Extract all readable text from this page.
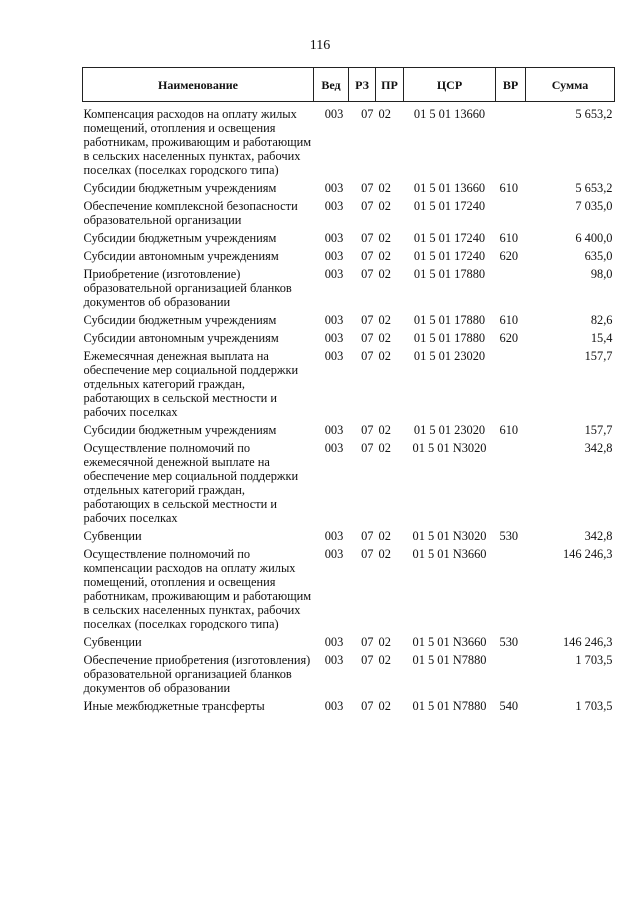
116
Наименование	Вед	РЗ	ПР	ЦСР	ВР	Сумма
Компенсация расходов на оплату жилых помещений, отопления и освещения работникам, проживающим и работающим в сельских населенных пунктах, рабочих поселках (поселках городского типа)	003	07	02	01 5 01 13660		5 653,2
Субсидии бюджетным учреждениям	003	07	02	01 5 01 13660	610	5 653,2
Обеспечение комплексной безопасности образовательной организации	003	07	02	01 5 01 17240		7 035,0
Субсидии бюджетным учреждениям	003	07	02	01 5 01 17240	610	6 400,0
Субсидии автономным учреждениям	003	07	02	01 5 01 17240	620	635,0
Приобретение (изготовление) образовательной организацией бланков документов об образовании	003	07	02	01 5 01 17880		98,0
Субсидии бюджетным учреждениям	003	07	02	01 5 01 17880	610	82,6
Субсидии автономным учреждениям	003	07	02	01 5 01 17880	620	15,4
Ежемесячная денежная выплата на обеспечение мер социальной поддержки отдельных категорий граждан, работающих в сельской местности и рабочих поселках	003	07	02	01 5 01 23020		157,7
Субсидии бюджетным учреждениям	003	07	02	01 5 01 23020	610	157,7
Осуществление полномочий по ежемесячной денежной выплате на обеспечение мер социальной поддержки отдельных категорий граждан, работающих в сельской местности и рабочих поселках	003	07	02	01 5 01 N3020		342,8
Субвенции	003	07	02	01 5 01 N3020	530	342,8
Осуществление полномочий по компенсации расходов на оплату жилых помещений, отопления и освещения работникам, проживающим и работающим в сельских населенных пунктах, рабочих поселках (поселках городского типа)	003	07	02	01 5 01 N3660		146 246,3
Субвенции	003	07	02	01 5 01 N3660	530	146 246,3
Обеспечение приобретения (изготовления) образовательной организацией бланков документов об образовании	003	07	02	01 5 01 N7880		1 703,5
Иные межбюджетные трансферты	003	07	02	01 5 01 N7880	540	1 703,5
